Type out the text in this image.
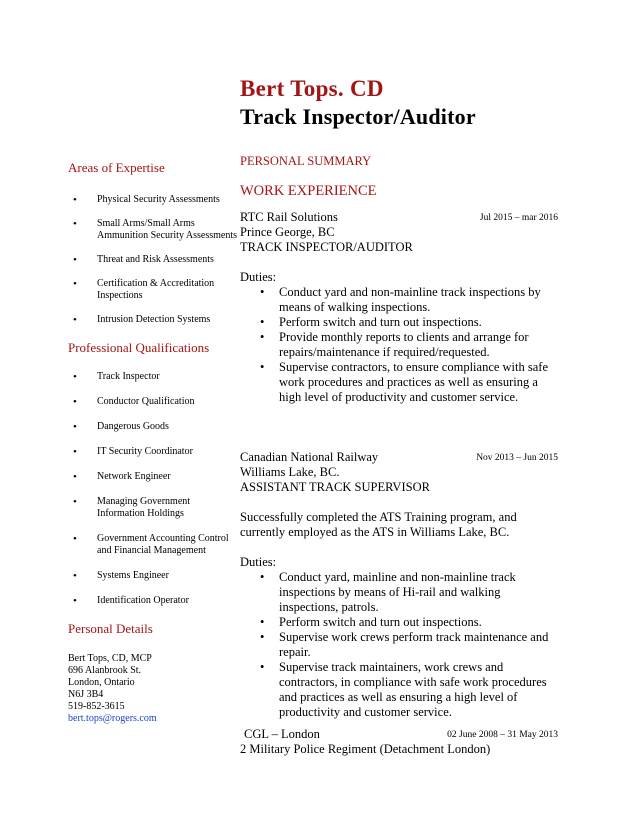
Bert Tops. CD
Track Inspector/Auditor

Areas of Expertise

• Physical Security Assessments
• Small Arms/Small Arms Ammunition Security Assessments
• Threat and Risk Assessments
• Certification & Accreditation Inspections
• Intrusion Detection Systems

Professional Qualifications

• Track Inspector
• Conductor Qualification
• Dangerous Goods
• IT Security Coordinator
• Network Engineer
• Managing Government Information Holdings
• Government Accounting Control and Financial Management
• Systems Engineer
• Identification Operator

Personal Details

Bert Tops, CD, MCP
696 Alanbrook St.
London, Ontario
N6J 3B4
519-852-3615
bert.tops@rogers.com

PERSONAL SUMMARY

WORK EXPERIENCE

RTC Rail Solutions	Jul 2015 – mar 2016
Prince George, BC
TRACK INSPECTOR/AUDITOR
Duties:
• Conduct yard and non-mainline track inspections by means of walking inspections.
• Perform switch and turn out inspections.
• Provide monthly reports to clients and arrange for repairs/maintenance if required/requested.
• Supervise contractors, to ensure compliance with safe work procedures and practices as well as ensuring a high level of productivity and customer service.
Canadian National Railway	Nov 2013 – Jun 2015
Williams Lake, BC.
ASSISTANT TRACK SUPERVISOR
Successfully completed the ATS Training program, and currently employed as the ATS in Williams Lake, BC.
Duties:
• Conduct yard, mainline and non-mainline track inspections by means of Hi-rail and walking inspections, patrols.
• Perform switch and turn out inspections.
• Supervise work crews perform track maintenance and repair.
• Supervise track maintainers, work crews and contractors, in compliance with safe work procedures and practices as well as ensuring a high level of productivity and customer service.
CGL – London	02 June 2008 – 31 May 2013
2 Military Police Regiment (Detachment London)
